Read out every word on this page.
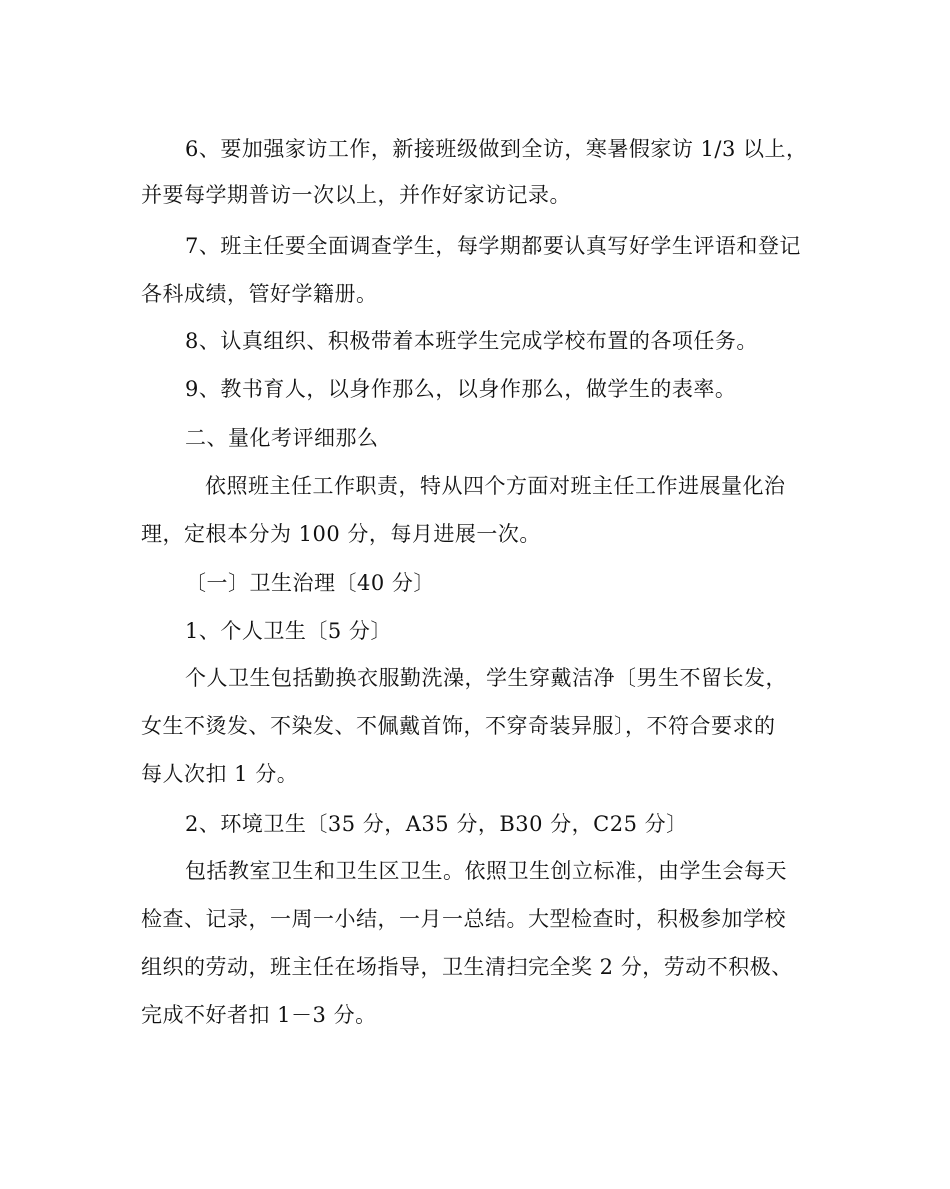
6、要加强家访工作，新接班级做到全访，寒暑假家访 1/3 以上，
并要每学期普访一次以上，并作好家访记录。
7、班主任要全面调查学生，每学期都要认真写好学生评语和登记
各科成绩，管好学籍册。
8、认真组织、积极带着本班学生完成学校布置的各项任务。
9、教书育人，以身作那么，以身作那么，做学生的表率。
二、量化考评细那么
依照班主任工作职责，特从四个方面对班主任工作进展量化治
理，定根本分为 100 分，每月进展一次。
〔一〕卫生治理〔40 分〕
1、个人卫生〔5 分〕
个人卫生包括勤换衣服勤洗澡，学生穿戴洁净〔男生不留长发，
女生不烫发、不染发、不佩戴首饰，不穿奇装异服〕，不符合要求的
每人次扣 1 分。
2、环境卫生〔35 分，A35 分，B30 分，C25 分〕
包括教室卫生和卫生区卫生。依照卫生创立标准，由学生会每天
检查、记录，一周一小结，一月一总结。大型检查时，积极参加学校
组织的劳动，班主任在场指导，卫生清扫完全奖 2 分，劳动不积极、
完成不好者扣 1－3 分。
